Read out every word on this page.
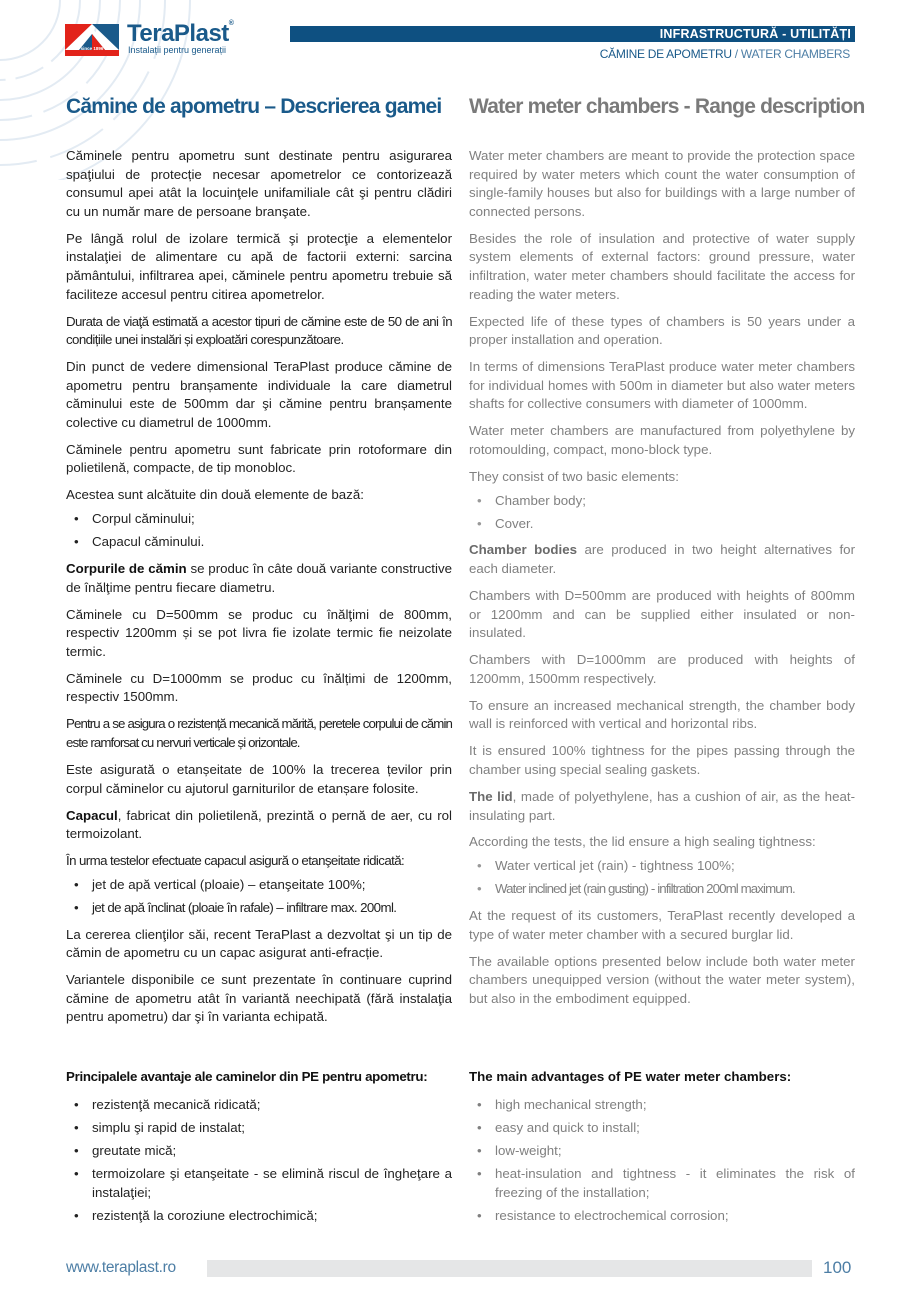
since 1896
TeraPlast®
Instalații pentru generații
INFRASTRUCTURĂ - UTILITĂȚI
CĂMINE DE APOMETRU / WATER CHAMBERS
Cămine de apometru – Descrierea gamei Water meter chambers - Range description

Căminele pentru apometru sunt destinate pentru asigurarea spaţiului de protecție necesar apometrelor ce contorizează consumul apei atât la locuinţele unifamiliale cât şi pentru clădiri cu un număr mare de persoane branşate.

Pe lângă rolul de izolare termică şi protecţie a elementelor instalaţiei de alimentare cu apă de factorii externi: sarcina pământului, infiltrarea apei, căminele pentru apometru trebuie să faciliteze accesul pentru citirea apometrelor.

Durata de viaţă estimată a acestor tipuri de cămine este de 50 de ani în condițiile unei instalări și exploatări corespunzătoare.

Din punct de vedere dimensional TeraPlast produce cămine de apometru pentru branșamente individuale la care diametrul căminului este de 500mm dar şi cămine pentru branșamente colective cu diametrul de 1000mm.

Căminele pentru apometru sunt fabricate prin rotoformare din polietilenă, compacte, de tip monobloc.

Acestea sunt alcătuite din două elemente de bază:

• Corpul căminului;
• Capacul căminului.

Corpurile de cămin se produc în câte două variante constructive de înălţime pentru fiecare diametru.

Căminele cu D=500mm se produc cu înălţimi de 800mm, respectiv 1200mm și se pot livra fie izolate termic fie neizolate termic.

Căminele cu D=1000mm se produc cu înălțimi de 1200mm, respectiv 1500mm.

Pentru a se asigura o rezistență mecanică mărită, peretele corpului de cămin este ramforsat cu nervuri verticale și orizontale.

Este asigurată o etanșeitate de 100% la trecerea țevilor prin corpul căminelor cu ajutorul garniturilor de etanșare folosite.

Capacul, fabricat din polietilenă, prezintă o pernă de aer, cu rol termoizolant.

În urma testelor efectuate capacul asigură o etanşeitate ridicată:

• jet de apă vertical (ploaie) – etanşeitate 100%;
• jet de apă înclinat (ploaie în rafale) – infiltrare max. 200ml.

La cererea clienţilor săi, recent TeraPlast a dezvoltat şi un tip de cămin de apometru cu un capac asigurat anti-efracție.

Variantele disponibile ce sunt prezentate în continuare cuprind cămine de apometru atât în variantă neechipată (fără instalaţia pentru apometru) dar şi în varianta echipată.

Water meter chambers are meant to provide the protection space required by water meters which count the water consumption of single-family houses but also for buildings with a large number of connected persons.

Besides the role of insulation and protective of water supply system elements of external factors: ground pressure, water infiltration, water meter chambers should facilitate the access for reading the water meters.

Expected life of these types of chambers is 50 years under a proper installation and operation.

In terms of dimensions TeraPlast produce water meter chambers for individual homes with 500m in diameter but also water meters shafts for collective consumers with diameter of 1000mm.

Water meter chambers are manufactured from polyethylene by rotomoulding, compact, mono-block type.

They consist of two basic elements:

• Chamber body;
• Cover.

Chamber bodies are produced in two height alternatives for each diameter.

Chambers with D=500mm are produced with heights of 800mm or 1200mm and can be supplied either insulated or non-insulated.

Chambers with D=1000mm are produced with heights of 1200mm, 1500mm respectively.

To ensure an increased mechanical strength, the chamber body wall is reinforced with vertical and horizontal ribs.

It is ensured 100% tightness for the pipes passing through the chamber using special sealing gaskets.

The lid, made of polyethylene, has a cushion of air, as the heat-insulating part.

According the tests, the lid ensure a high sealing tightness:

• Water vertical jet (rain) - tightness 100%;
• Water inclined jet (rain gusting) - infiltration 200ml maximum.

At the request of its customers, TeraPlast recently developed a type of water meter chamber with a secured burglar lid.

The available options presented below include both water meter chambers unequipped version (without the water meter system), but also in the embodiment equipped.

Principalele avantaje ale caminelor din PE pentru apometru:	The main advantages of PE water meter chambers:
• rezistenţă mecanică ridicată;
• simplu şi rapid de instalat;
• greutate mică;
• termoizolare şi etanşeitate - se elimină riscul de îngheţare a instalaţiei;
• rezistenţă la coroziune electrochimică;
• high mechanical strength;
• easy and quick to install;
• low-weight;
• heat-insulation and tightness - it eliminates the risk of freezing of the installation;
• resistance to electrochemical corrosion;
www.teraplast.ro	100
